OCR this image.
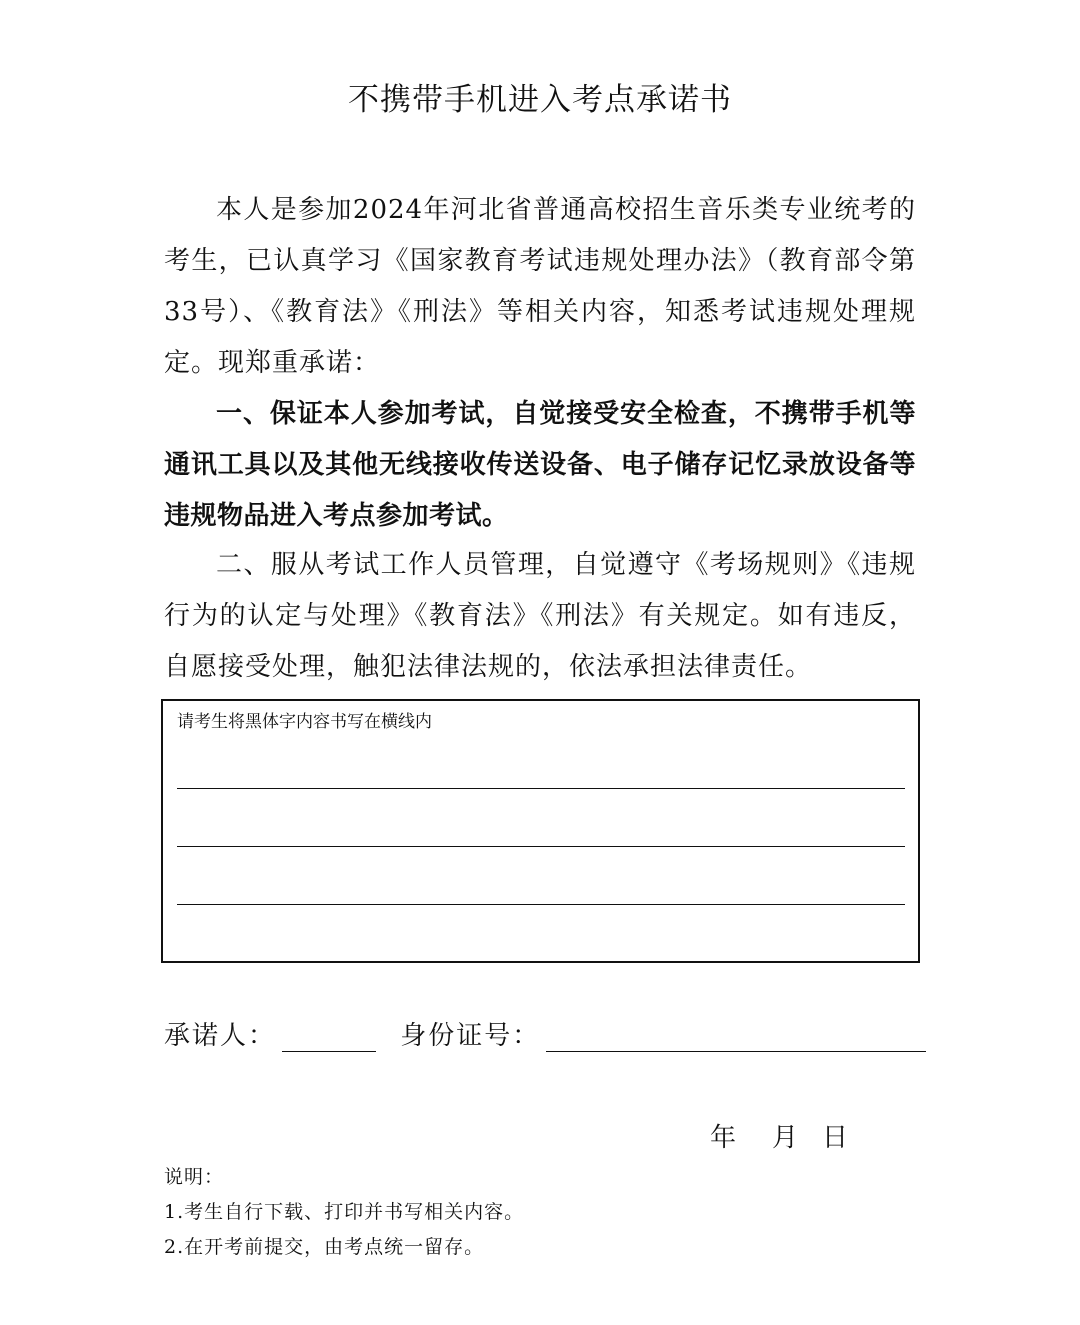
不携带手机进入考点承诺书
本人是参加2024年河北省普通高校招生音乐类专业统考的考生，已认真学习《国家教育考试违规处理办法》（教育部令第33号）、《教育法》《刑法》等相关内容，知悉考试违规处理规定。现郑重承诺：
一、保证本人参加考试，自觉接受安全检查，不携带手机等通讯工具以及其他无线接收传送设备、电子储存记忆录放设备等违规物品进入考点参加考试。
二、服从考试工作人员管理，自觉遵守《考场规则》《违规行为的认定与处理》《教育法》《刑法》有关规定。如有违反，自愿接受处理，触犯法律法规的，依法承担法律责任。
请考生将黑体字内容书写在横线内
承诺人：	身份证号：
年 月 日
说明：
1.考生自行下载、打印并书写相关内容。
2.在开考前提交，由考点统一留存。
